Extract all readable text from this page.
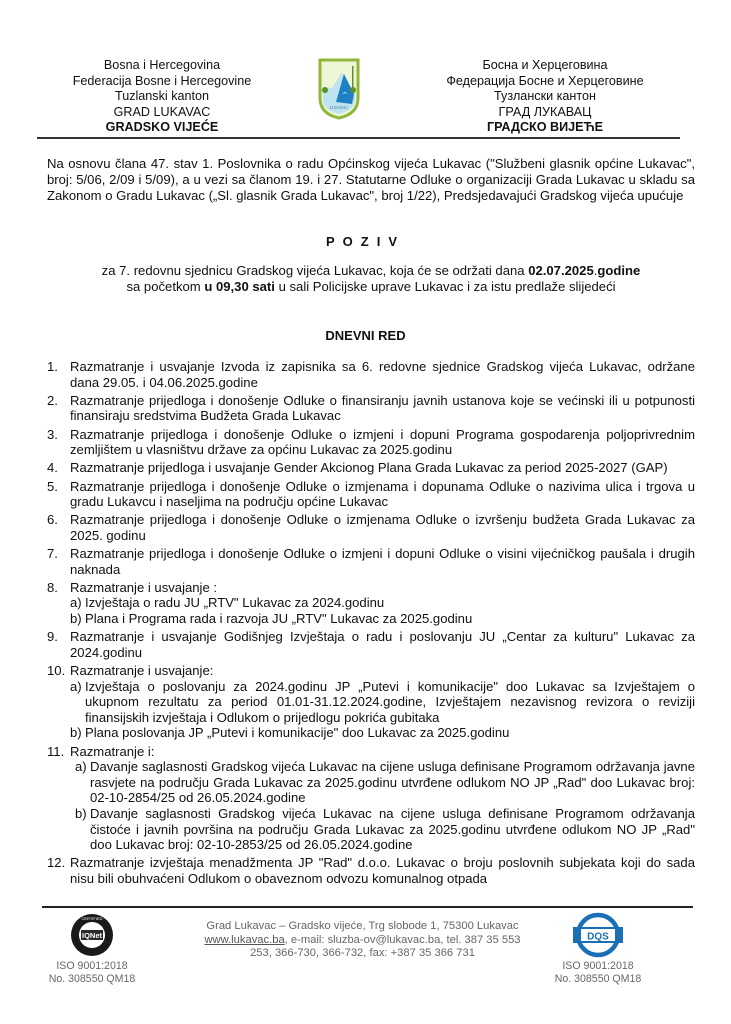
Bosna i Hercegovina
Federacija Bosne i Hercegovine
Tuzlanski kanton
GRAD LUKAVAC
GRADSKO VIJEĆE
LUKAVAC
Босна и Херцеговина
Федерација Босне и Херцеговине
Тузлански кантон
ГРАД ЛУКАВАЦ
ГРАДСКО ВИЈЕЋЕ

Na osnovu člana 47. stav 1. Poslovnika o radu Općinskog vijeća Lukavac ("Službeni glasnik općine Lukavac", broj: 5/06, 2/09 i 5/09), a u vezi sa članom 19. i 27. Statutarne Odluke o organizaciji Grada Lukavac u skladu sa Zakonom o Gradu Lukavac („Sl. glasnik Grada Lukavac", broj 1/22), Predsjedavajući Gradskog vijeća upućuje

POZIV
za 7. redovnu sjednicu Gradskog vijeća Lukavac, koja će se održati dana 02.07.2025.godine
sa početkom u 09,30 sati u sali Policijske uprave Lukavac i za istu predlaže slijedeći
DNEVNI RED
1. Razmatranje i usvajanje Izvoda iz zapisnika sa 6. redovne sjednice Gradskog vijeća Lukavac, održane dana 29.05. i 04.06.2025.godine
2. Razmatranje prijedloga i donošenje Odluke o finansiranju javnih ustanova koje se većinski ili u potpunosti finansiraju sredstvima Budžeta Grada Lukavac
3. Razmatranje prijedloga i donošenje Odluke o izmjeni i dopuni Programa gospodarenja poljoprivrednim zemljištem u vlasništvu države za općinu Lukavac za 2025.godinu
4. Razmatranje prijedloga i usvajanje Gender Akcionog Plana Grada Lukavac za period 2025-2027 (GAP)
5. Razmatranje prijedloga i donošenje Odluke o izmjenama i dopunama Odluke o nazivima ulica i trgova u gradu Lukavcu i naseljima na području općine Lukavac
6. Razmatranje prijedloga i donošenje Odluke o izmjenama Odluke o izvršenju budžeta Grada Lukavac za 2025. godinu
7. Razmatranje prijedloga i donošenje Odluke o izmjeni i dopuni Odluke o visini vijećničkog paušala i drugih naknada
8. Razmatranje i usvajanje :
a) Izvještaja o radu JU „RTV" Lukavac za 2024.godinu
b) Plana i Programa rada i razvoja JU „RTV" Lukavac za 2025.godinu
9. Razmatranje i usvajanje Godišnjeg Izvještaja o radu i poslovanju JU „Centar za kulturu" Lukavac za 2024.godinu
10. Razmatranje i usvajanje:
a) Izvještaja o poslovanju za 2024.godinu JP „Putevi i komunikacije" doo Lukavac sa Izvještajem o ukupnom rezultatu za period 01.01-31.12.2024.godine, Izvještajem nezavisnog revizora o reviziji finansijskih izvještaja i Odlukom o prijedlogu pokrića gubitaka
b) Plana poslovanja JP „Putevi i komunikacije" doo Lukavac za 2025.godinu
11. Razmatranje i:
a) Davanje saglasnosti Gradskog vijeća Lukavac na cijene usluga definisane Programom održavanja javne rasvjete na području Grada Lukavac za 2025.godinu utvrđene odlukom NO JP „Rad" doo Lukavac broj: 02-10-2854/25 od 26.05.2024.godine
b) Davanje saglasnosti Gradskog vijeća Lukavac na cijene usluga definisane Programom održavanja čistoće i javnih površina na području Grada Lukavac za 2025.godinu utvrđene odlukom NO JP „Rad" doo Lukavac broj: 02-10-2853/25 od 26.05.2024.godine
12. Razmatranje izvještaja menadžmenta JP "Rad" d.o.o. Lukavac o broju poslovnih subjekata koji do sada nisu bili obuhvaćeni Odlukom o obaveznom odvozu komunalnog otpada
IQNet
CERTIFIED
ISO 9001:2018
No. 308550 QM18
Grad Lukavac – Gradsko vijeće, Trg slobode 1, 75300 Lukavac
www.lukavac.ba, e-mail: sluzba-ov@lukavac.ba, tel. 387 35 553
253, 366-730, 366-732, fax: +387 35 366 731
DQS
ISO 9001:2018
No. 308550 QM18
